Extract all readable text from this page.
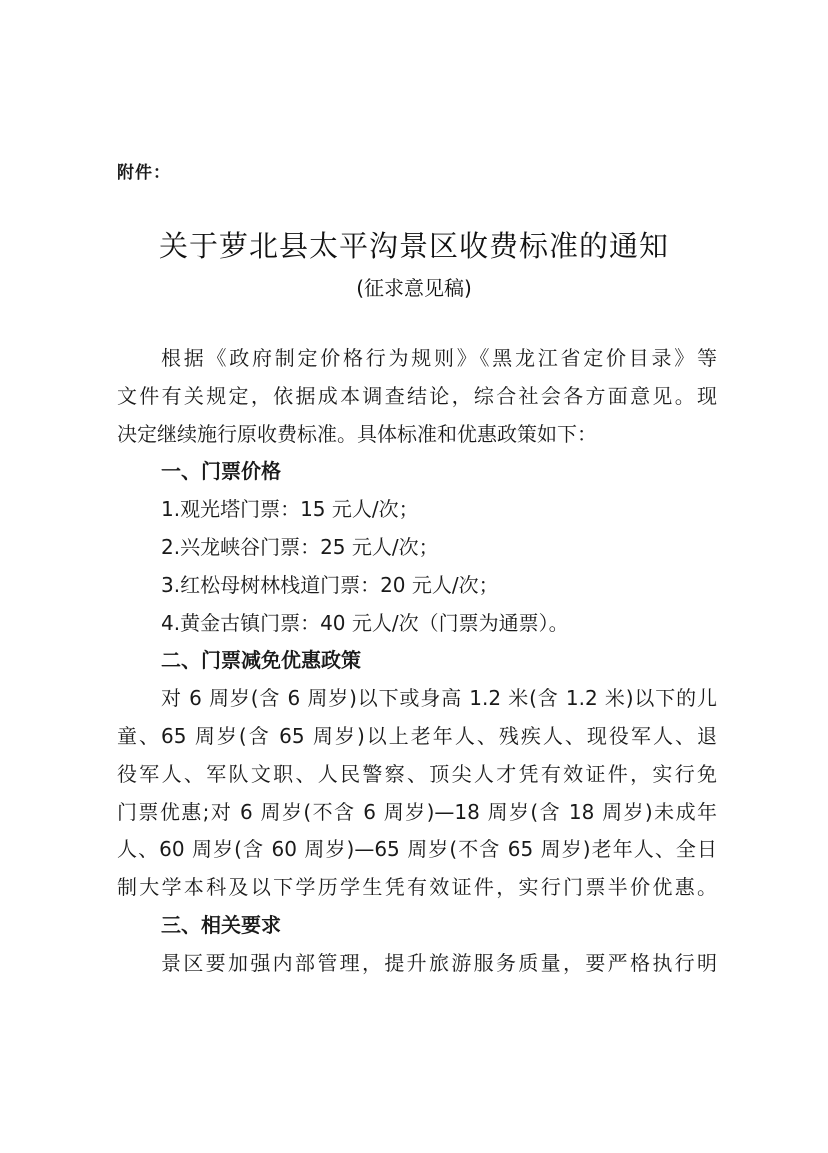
附件：
关于萝北县太平沟景区收费标准的通知
(征求意见稿)
根据《政府制定价格行为规则》《黑龙江省定价目录》等
文件有关规定，依据成本调查结论，综合社会各方面意见。现
决定继续施行原收费标准。具体标准和优惠政策如下：
一、门票价格
1.观光塔门票：15 元人/次；
2.兴龙峡谷门票：25 元人/次；
3.红松母树林栈道门票：20 元人/次；
4.黄金古镇门票：40 元人/次（门票为通票）。
二、门票减免优惠政策
对 6 周岁(含 6 周岁)以下或身高 1.2 米(含 1.2 米)以下的儿
童、65 周岁(含 65 周岁)以上老年人、残疾人、现役军人、退
役军人、军队文职、人民警察、顶尖人才凭有效证件，实行免
门票优惠;对 6 周岁(不含 6 周岁)—18 周岁(含 18 周岁)未成年
人、60 周岁(含 60 周岁)—65 周岁(不含 65 周岁)老年人、全日
制大学本科及以下学历学生凭有效证件，实行门票半价优惠。
三、相关要求
景区要加强内部管理，提升旅游服务质量，要严格执行明
